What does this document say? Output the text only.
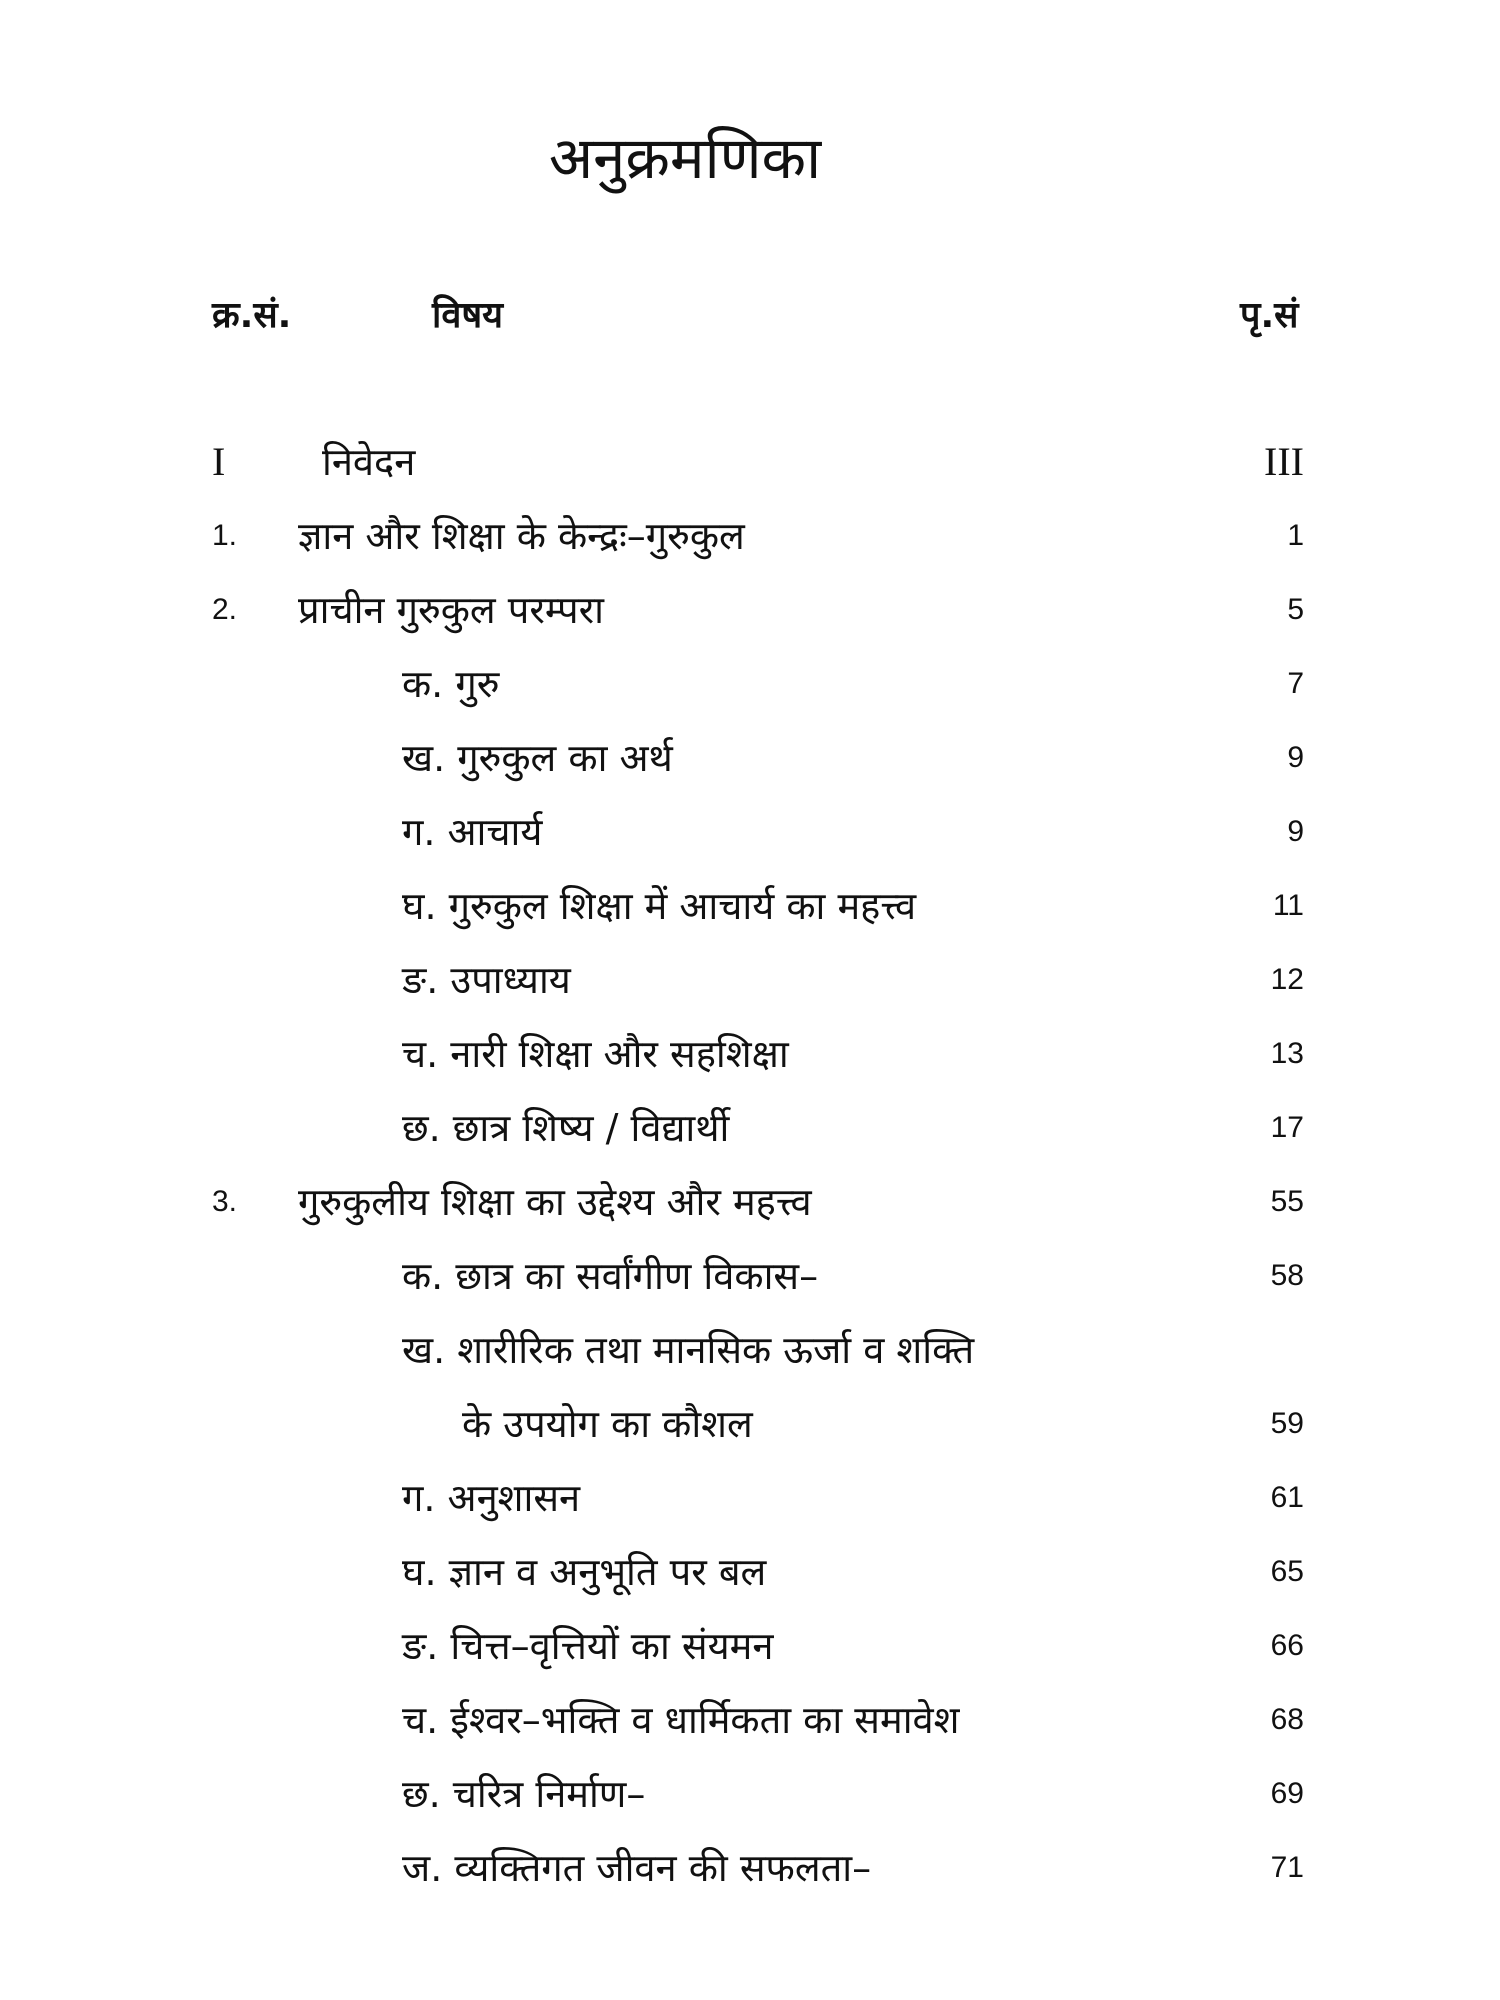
अनुक्रमणिका
क्र.सं.	विषय	पृ.सं
I	निवेदन	III
1. ज्ञान और शिक्षा के केन्द्रः–गुरुकुल	1
2. प्राचीन गुरुकुल परम्परा	5
क. गुरु	7
ख. गुरुकुल का अर्थ	9
ग. आचार्य	9
घ. गुरुकुल शिक्षा में आचार्य का महत्त्व	11
ङ. उपाध्याय	12
च. नारी शिक्षा और सहशिक्षा	13
छ. छात्र शिष्य / विद्यार्थी	17
3. गुरुकुलीय शिक्षा का उद्देश्य और महत्त्व	55
क. छात्र का सर्वांगीण विकास–	58
ख. शारीरिक तथा मानसिक ऊर्जा व शक्ति
के उपयोग का कौशल	59
ग. अनुशासन	61
घ. ज्ञान व अनुभूति पर बल	65
ङ. चित्त–वृत्तियों का संयमन	66
च. ईश्वर–भक्ति व धार्मिकता का समावेश	68
छ. चरित्र निर्माण–	69
ज. व्यक्तिगत जीवन की सफलता–	71
